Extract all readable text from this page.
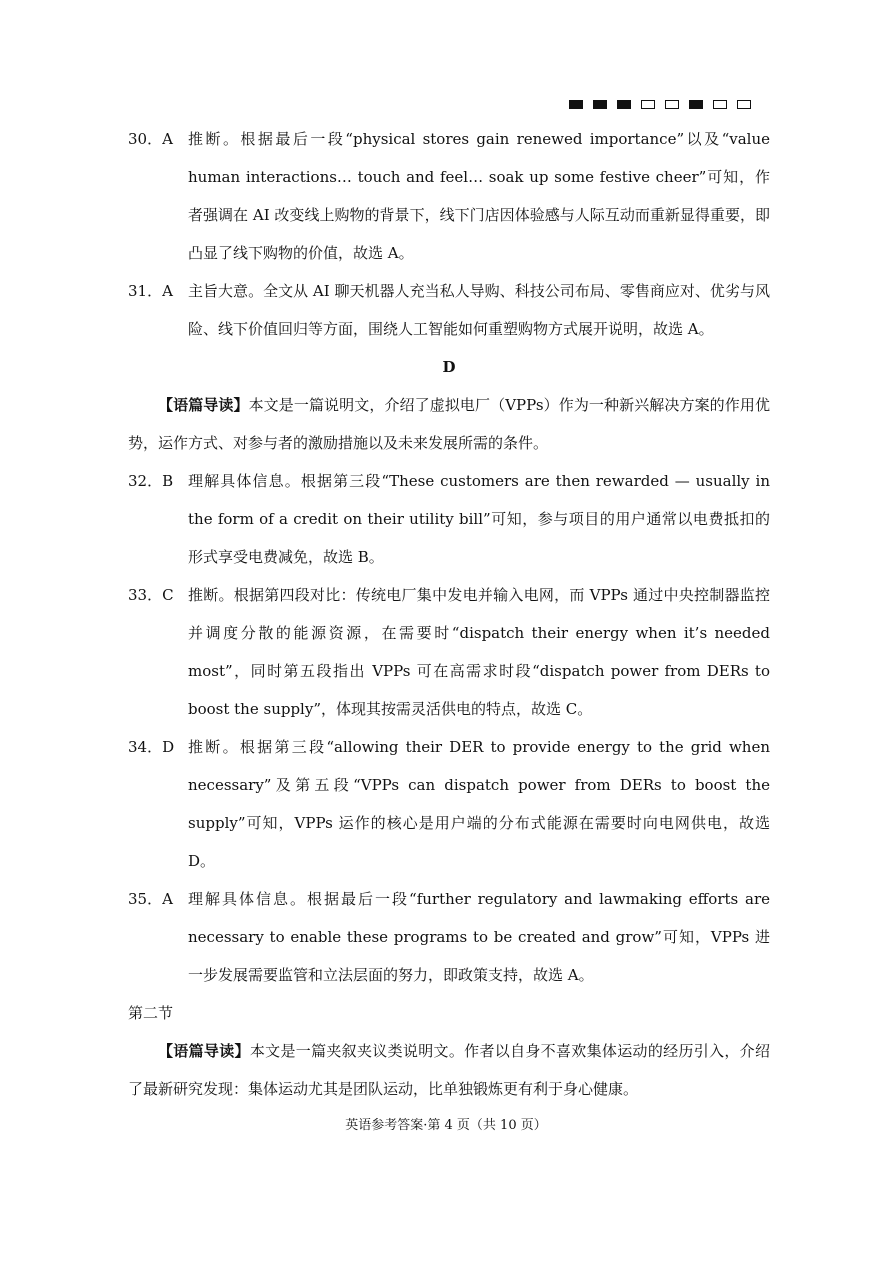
30．A	推断。根据最后一段“physical stores gain renewed importance”以及“value human interactions… touch and feel… soak up some festive cheer”可知，作者强调在 AI 改变线上购物的背景下，线下门店因体验感与人际互动而重新显得重要，即凸显了线下购物的价值，故选 A。
31．A	主旨大意。全文从 AI 聊天机器人充当私人导购、科技公司布局、零售商应对、优劣与风险、线下价值回归等方面，围绕人工智能如何重塑购物方式展开说明，故选 A。
D
【语篇导读】本文是一篇说明文，介绍了虚拟电厂（VPPs）作为一种新兴解决方案的作用优势，运作方式、对参与者的激励措施以及未来发展所需的条件。
32．B 理解具体信息。根据第三段“These customers are then rewarded — usually in the form of a credit on their utility bill”可知，参与项目的用户通常以电费抵扣的形式享受电费减免，故选 B。
33．C 推断。根据第四段对比：传统电厂集中发电并输入电网，而 VPPs 通过中央控制器监控并调度分散的能源资源，在需要时“dispatch their energy when it’s needed most”，同时第五段指出 VPPs 可在高需求时段“dispatch power from DERs to boost the supply”，体现其按需灵活供电的特点，故选 C。
34．D 推断。根据第三段“allowing their DER to provide energy to the grid when necessary”及第五段“VPPs can dispatch power from DERs to boost the supply”可知，VPPs 运作的核心是用户端的分布式能源在需要时向电网供电，故选 D。
35．A	理解具体信息。根据最后一段“further regulatory and lawmaking efforts are necessary to enable these programs to be created and grow”可知，VPPs 进一步发展需要监管和立法层面的努力，即政策支持，故选 A。
第二节
【语篇导读】本文是一篇夹叙夹议类说明文。作者以自身不喜欢集体运动的经历引入，介绍了最新研究发现：集体运动尤其是团队运动，比单独锻炼更有利于身心健康。
英语参考答案·第 4 页（共 10 页）
